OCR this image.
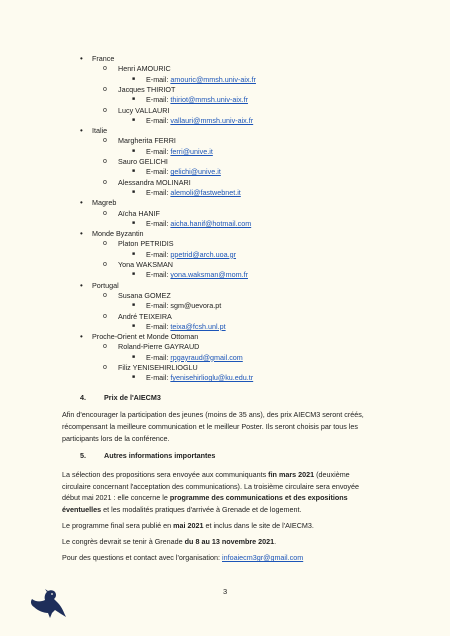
•	France
o Henri AMOURIC
■ E-mail: amouric@mmsh.univ-aix.fr
o Jacques THIRIOT
■ E-mail: thiriot@mmsh.univ-aix.fr
o Lucy VALLAURI
■ E-mail: vallauri@mmsh.univ-aix.fr
•	Italie
o Margherita FERRI
■ E-mail: ferri@unive.it
o Sauro GELICHI
■ E-mail: gelichi@unive.it
o Alessandra MOLINARI
■ E-mail: alemoli@fastwebnet.it
•	Magreb
o Aïcha HANIF
■ E-mail: aicha.hanif@hotmail.com
•	Monde Byzantin
o Platon PETRIDIS
■ E-mail: ppetrid@arch.uoa.gr
o Yona WAKSMAN
■ E-mail: yona.waksman@mom.fr
•	Portugal
o Susana GOMEZ
■ E-mail: sgm@uevora.pt
o André TEIXEIRA
■ E-mail: teixa@fcsh.unl.pt
•	Proche-Orient et Monde Ottoman
o Roland-Pierre GAYRAUD
■ E-mail: rpgayraud@gmail.com
o Filiz YENISEHIRLIOGLU
■ E-mail: fyenisehirlioglu@ku.edu.tr
4.	Prix de l'AIECM3
Afin d'encourager la participation des jeunes (moins de 35 ans), des prix AIECM3 seront créés,
récompensant la meilleure communication et le meilleur Poster. Ils seront choisis par tous les
participants lors de la conférence.
5.	Autres informations importantes
La sélection des propositions sera envoyée aux communiquants fin mars 2021 (deuxième
circulaire concernant l'acceptation des communications). La troisième circulaire sera envoyée
début mai 2021 : elle concerne le programme des communications et des expositions
éventuelles et les modalités pratiques d'arrivée à Grenade et de logement.
Le programme final sera publié en mai 2021 et inclus dans le site de l'AIECM3.
Le congrès devrait se tenir à Grenade du 8 au 13 novembre 2021.
Pour des questions et contact avec l'organisation: infoaiecm3gr@gmail.com
3
